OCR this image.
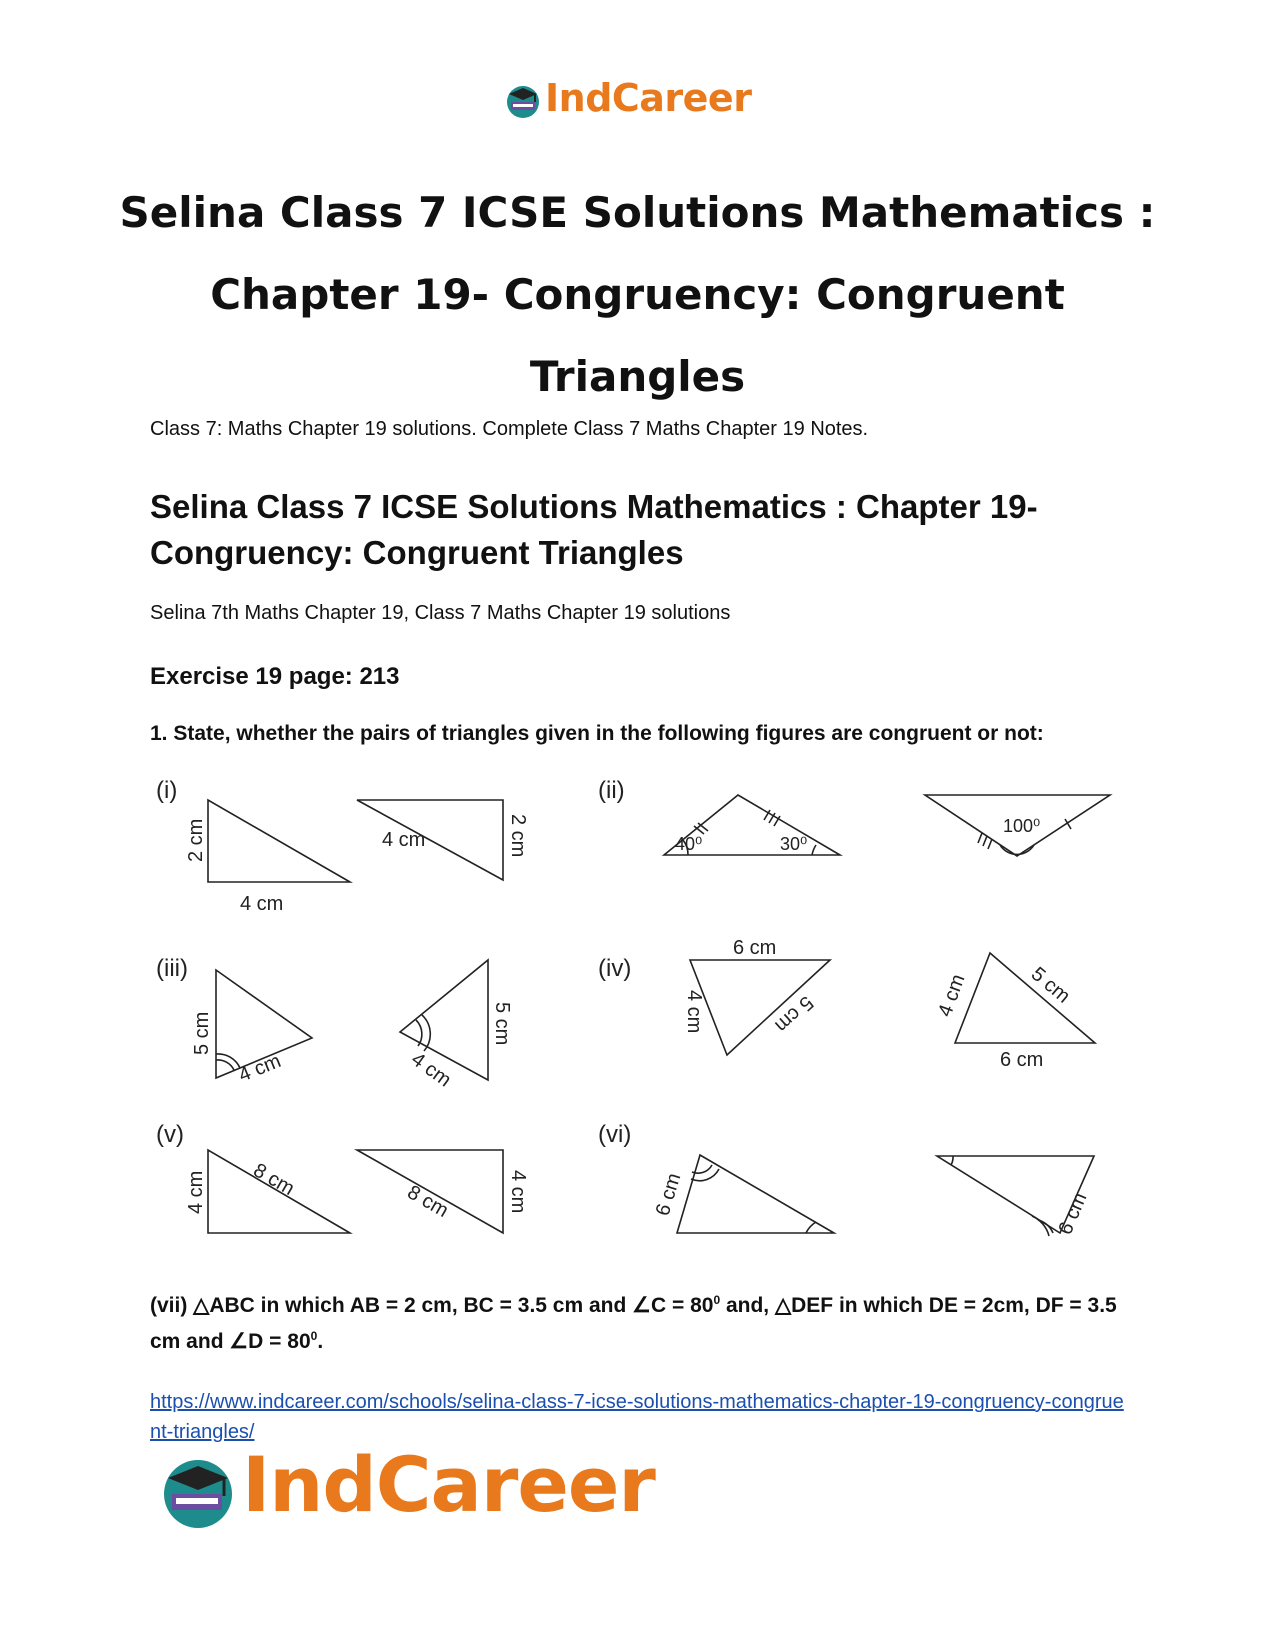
IndCareer
Selina Class 7 ICSE Solutions Mathematics :
Chapter 19- Congruency: Congruent Triangles
Class 7: Maths Chapter 19 solutions. Complete Class 7 Maths Chapter 19 Notes.
Selina Class 7 ICSE Solutions Mathematics : Chapter 19- Congruency: Congruent Triangles
Selina 7th Maths Chapter 19, Class 7 Maths Chapter 19 solutions
Exercise 19 page: 213
1. State, whether the pairs of triangles given in the following figures are congruent or not:
(i)	(ii)
(iii)	(iv)
(v)	(vi)
2 cm
4 cm
4 cm	2 cm	40⁰	30⁰
100⁰
5 cm
4 cm
5 cm
4 cm
6 cm
4 cm	5 cm	4 cm	5 cm
6 cm
4 cm 8 cm
8 cm	4 cm	6 cm	6 cm
(vii) △ABC in which AB = 2 cm, BC = 3.5 cm and ∠C = $80^0$ and, △DEF in which DE = 2cm, DF = 3.5 cm and ∠D = $80^0$.
https://www.indcareer.com/schools/selina-class-7-icse-solutions-mathematics-chapter-19-congruency-congruent-triangles/
IndCareer
